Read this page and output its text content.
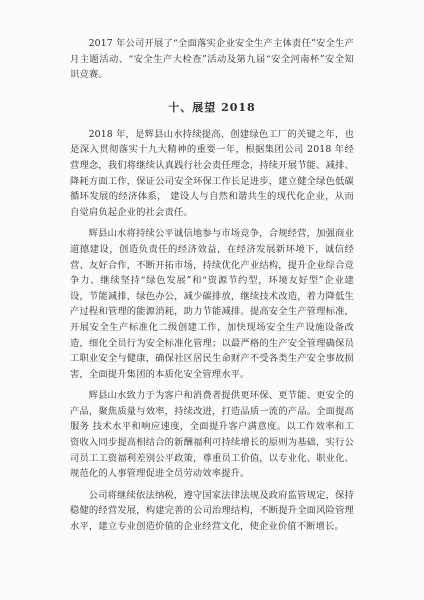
2017 年公司开展了“全面落实企业安全生产主体责任”安全生产月主题活动、“安全生产大检查”活动及第九届“安全河南杯”安全知识竞赛。

十、展望 2018

2018 年，是辉县山水持续提高、创建绿色工厂的关键之年，也是深入贯彻落实十九大精神的重要一年，根据集团公司 2018 年经营理念，我们将继续认真践行社会责任理念，持续开展节能、减排、降耗方面工作，保证公司安全环保工作长足进步，建立健全绿色低碳循环发展的经济体系， 建设人与自然和谐共生的现代化企业，从而自觉肩负起企业的社会责任。

辉县山水将持续公平诚信地参与市场竞争，合规经营，加强商业道德建设，创造负责任的经济效益，在经济发展新环境下，诚信经营、友好合作，不断开拓市场，持续优化产业结构，提升企业综合竞争力、继续坚持“绿色发展”和“资源节约型，环境友好型”企业建设，节能减排，绿色办公，减少碳排放，继续技术改造，着力降低生产过程和管理的能源消耗，助力节能减排。提高安全生产管理标准，开展安全生产标准化二级创建工作，加快现场安全生产设施设备改造，细化全员行为安全标准化管理；以最严格的生产安全管理确保员工职业安全与健康，确保社区居民生命财产不受各类生产安全事故损害，全面提升集团的本质化安全管理水平。

辉县山水致力于为客户和消费者提供更环保、更节能、更安全的产品，聚焦质量与效率，持续改进，打造品质一流的产品。全面提高服务 技术水平和响应速度，全面提升客户满意度。以工作效率和工资收入同步提高相结合的新酬福利可持续增长的原则为基础，实行公司员工工资福利差别公平政策，尊重员工价值，以专业化、职业化、规范化的人事管理促进全员劳动效率提升。

公司将继续依法纳税，遵守国家法律法规及政府监管规定，保持稳健的经营发展，构建完善的公司治理结构，不断提升全面风险管理水平，建立专业创造价值的企业经营文化，使企业价值不断增长。
